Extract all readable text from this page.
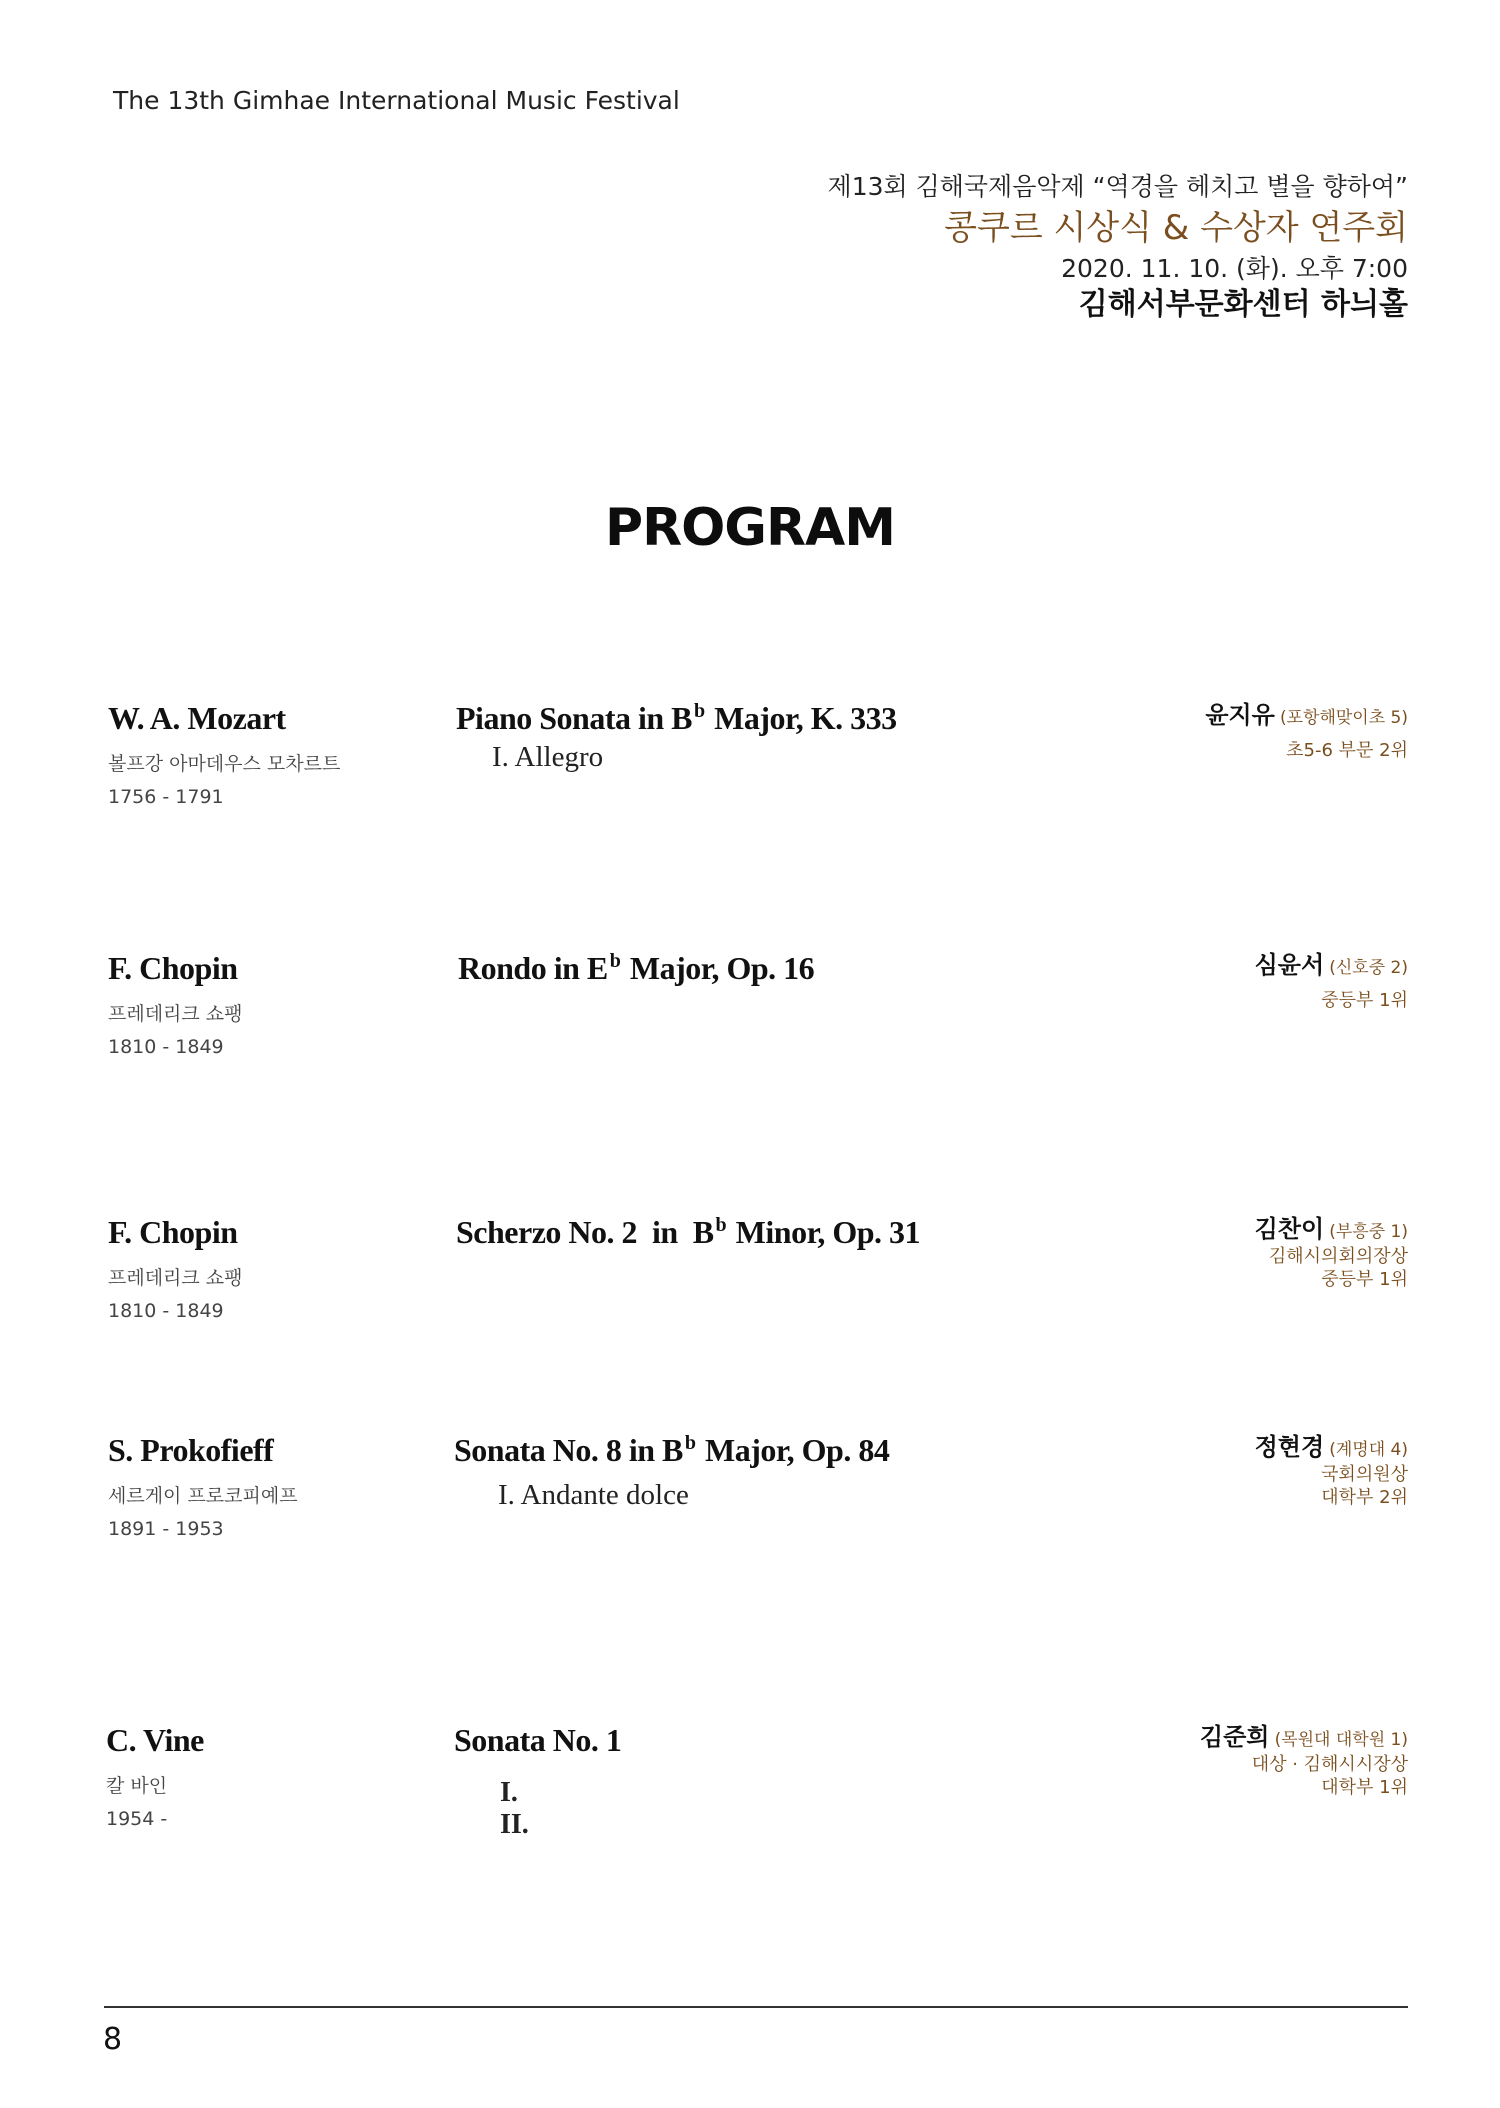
The 13th Gimhae International Music Festival
제13회 김해국제음악제 “역경을 헤치고 별을 향하여”
콩쿠르 시상식 & 수상자 연주회
2020. 11. 10. (화). 오후 7:00
김해서부문화센터 하늬홀
PROGRAM
W. A. Mozart
볼프강 아마데우스 모차르트
1756 - 1791
Piano Sonata in B $^b$ Major, K. 333
I. Allegro
윤지유 (포항해맞이초 5)
초5-6 부문 2위
F. Chopin
프레데리크 쇼팽
1810 - 1849
Rondo in E $^b$ Major, Op. 16	심윤서 (신호중 2)
중등부 1위
F. Chopin
프레데리크 쇼팽
1810 - 1849
Scherzo No. 2  in  B $^b$ Minor, Op. 31	김찬이 (부흥중 1)
김해시의회의장상
중등부 1위
S. Prokofieff
세르게이 프로코피예프
1891 - 1953
Sonata No. 8 in B $^b$ Major, Op. 84
I. Andante dolce
정현경 (계명대 4)
국회의원상
대학부 2위
C. Vine
칼 바인
1954 -
Sonata No. 1
I.
II.
김준희 (목원대 대학원 1)
대상 · 김해시시장상
대학부 1위
8
